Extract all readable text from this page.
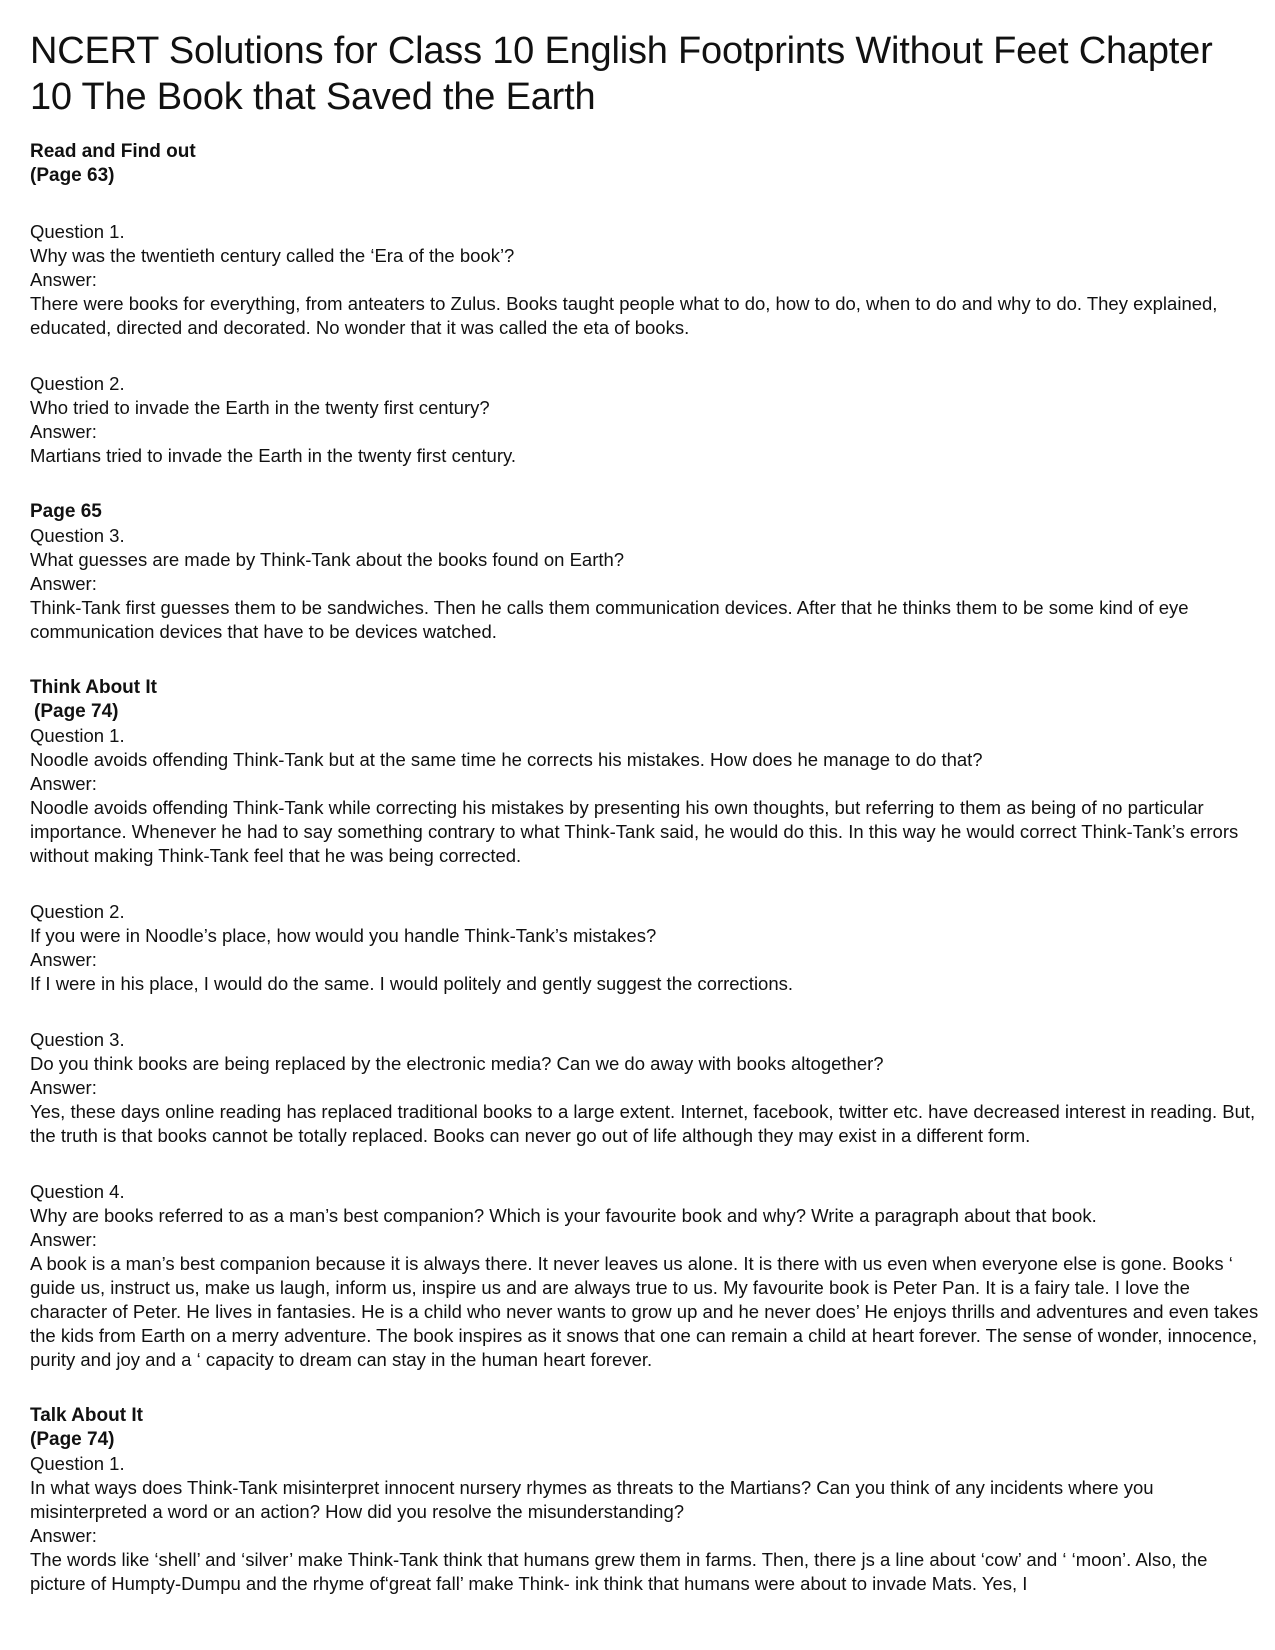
NCERT Solutions for Class 10 English Footprints Without Feet Chapter 10 The Book that Saved the Earth

Read and Find out

(Page 63)

Question 1.

Why was the twentieth century called the ‘Era of the book’?

Answer:

There were books for everything, from anteaters to Zulus. Books taught people what to do, how to do, when to do and why to do. They explained, educated, directed and decorated. No wonder that it was called the eta of books.

Question 2.

Who tried to invade the Earth in the twenty first century?

Answer:

Martians tried to invade the Earth in the twenty first century.

Page 65

Question 3.

What guesses are made by Think-Tank about the books found on Earth?

Answer:

Think-Tank first guesses them to be sandwiches. Then he calls them communication devices. After that he thinks them to be some kind of eye communication devices that have to be devices watched.

Think About It

(Page 74)

Question 1.

Noodle avoids offending Think-Tank but at the same time he corrects his mistakes. How does he manage to do that?

Answer:

Noodle avoids offending Think-Tank while correcting his mistakes by presenting his own thoughts, but referring to them as being of no particular importance. Whenever he had to say something contrary to what Think-Tank said, he would do this. In this way he would correct Think-Tank’s errors without making Think-Tank feel that he was being corrected.

Question 2.

If you were in Noodle’s place, how would you handle Think-Tank’s mistakes?

Answer:

If I were in his place, I would do the same. I would politely and gently suggest the corrections.

Question 3.

Do you think books are being replaced by the electronic media? Can we do away with books altogether?

Answer:

Yes, these days online reading has replaced traditional books to a large extent. Internet, facebook, twitter etc. have decreased interest in reading. But, the truth is that books cannot be totally replaced. Books can never go out of life although they may exist in a different form.

Question 4.

Why are books referred to as a man’s best companion? Which is your favourite book and why? Write a paragraph about that book.

Answer:

A book is a man’s best companion because it is always there. It never leaves us alone. It is there with us even when everyone else is gone. Books ‘ guide us, instruct us, make us laugh, inform us, inspire us and are always true to us. My favourite book is Peter Pan. It is a fairy tale. I love the character of Peter. He lives in fantasies. He is a child who never wants to grow up and he never does’ He enjoys thrills and adventures and even takes the kids from Earth on a merry adventure. The book inspires as it snows that one can remain a child at heart forever. The sense of wonder, innocence, purity and joy and a ‘ capacity to dream can stay in the human heart forever.

Talk About It

(Page 74)

Question 1.

In what ways does Think-Tank misinterpret innocent nursery rhymes as threats to the Martians? Can you think of any incidents where you misinterpreted a word or an action? How did you resolve the misunderstanding?

Answer:

The words like ‘shell’ and ‘silver’ make Think-Tank think that humans grew them in farms. Then, there js a line about ‘cow’ and ‘ ‘moon’. Also, the picture of Humpty-Dumpu and the rhyme of‘great fall’ make Think- ink think that humans were about to invade Mats. Yes, I
